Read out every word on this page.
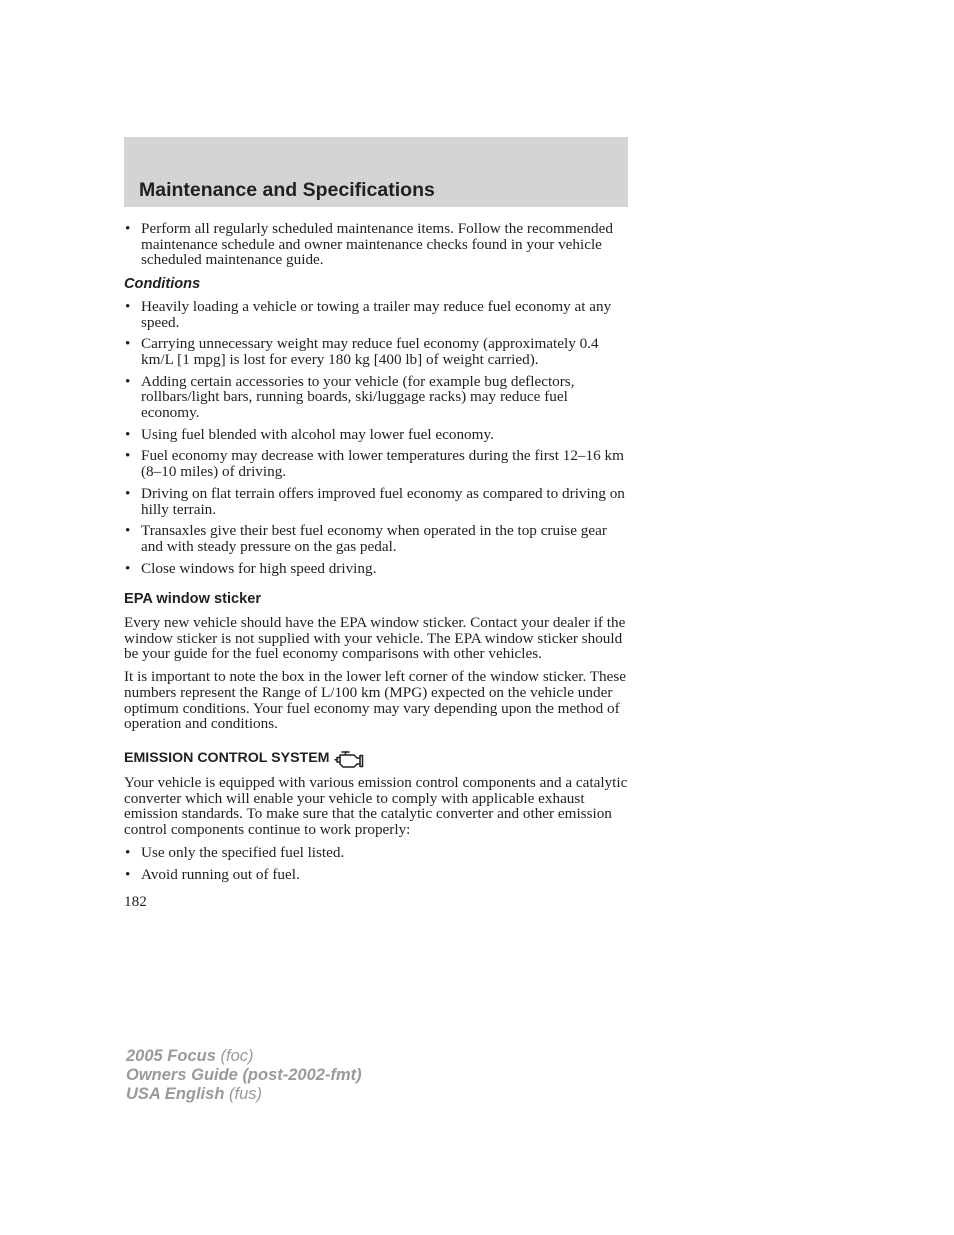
Maintenance and Specifications
• Perform all regularly scheduled maintenance items. Follow the recommended maintenance schedule and owner maintenance checks found in your vehicle scheduled maintenance guide.
Conditions
• Heavily loading a vehicle or towing a trailer may reduce fuel economy at any speed.
• Carrying unnecessary weight may reduce fuel economy (approximately 0.4 km/L [1 mpg] is lost for every 180 kg [400 lb] of weight carried).
• Adding certain accessories to your vehicle (for example bug deflectors, rollbars/light bars, running boards, ski/luggage racks) may reduce fuel economy.
• Using fuel blended with alcohol may lower fuel economy.
• Fuel economy may decrease with lower temperatures during the first 12–16 km (8–10 miles) of driving.
• Driving on flat terrain offers improved fuel economy as compared to driving on hilly terrain.
• Transaxles give their best fuel economy when operated in the top cruise gear and with steady pressure on the gas pedal.
• Close windows for high speed driving.
EPA window sticker

Every new vehicle should have the EPA window sticker. Contact your dealer if the window sticker is not supplied with your vehicle. The EPA window sticker should be your guide for the fuel economy comparisons with other vehicles.

It is important to note the box in the lower left corner of the window sticker. These numbers represent the Range of L/100 km (MPG) expected on the vehicle under optimum conditions. Your fuel economy may vary depending upon the method of operation and conditions.

EMISSION CONTROL SYSTEM

Your vehicle is equipped with various emission control components and a catalytic converter which will enable your vehicle to comply with applicable exhaust emission standards. To make sure that the catalytic converter and other emission control components continue to work properly:

• Use only the specified fuel listed.
• Avoid running out of fuel.
182
2005 Focus (foc)
Owners Guide (post-2002-fmt)
USA English (fus)
